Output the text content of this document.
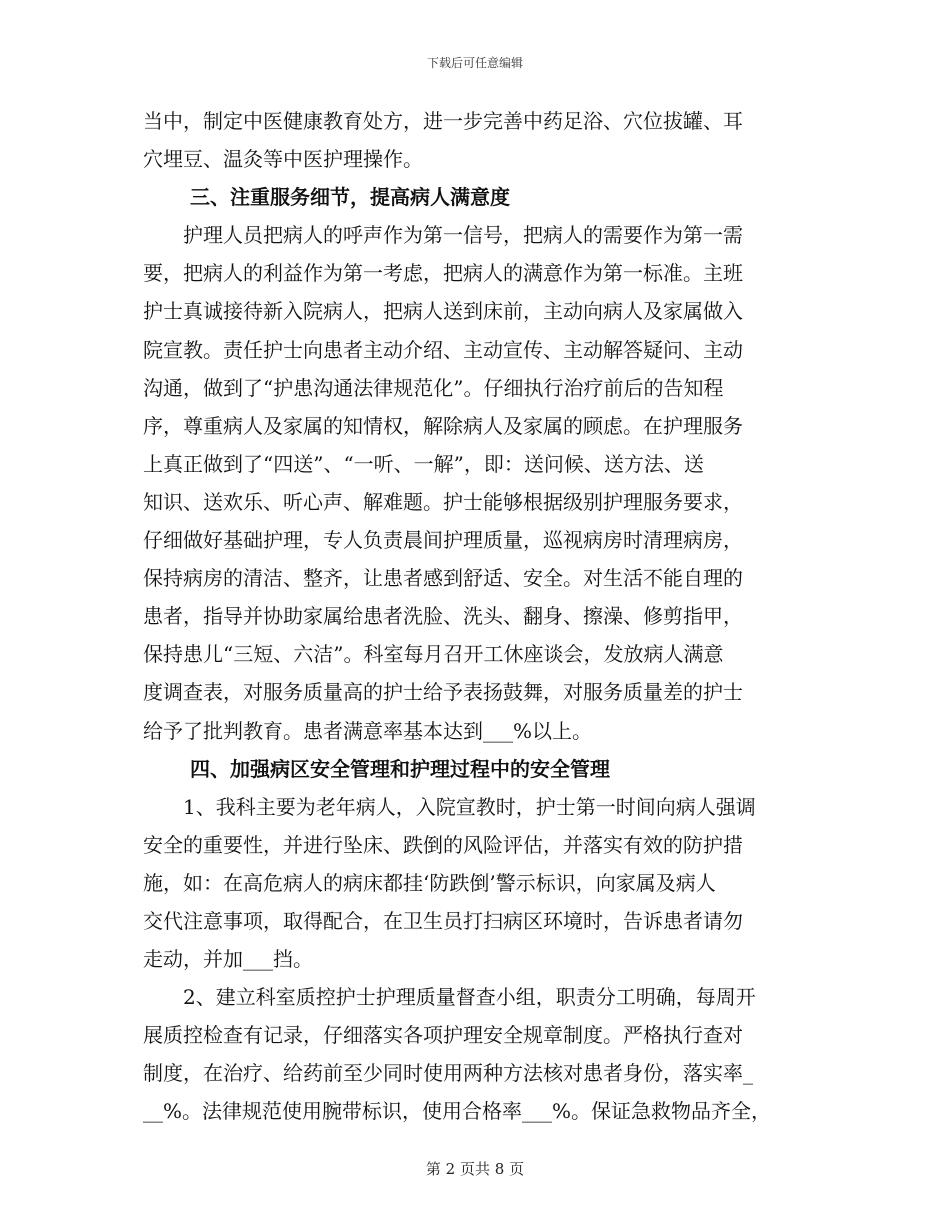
下载后可任意编辑
当中，制定中医健康教育处方，进一步完善中药足浴、穴位拔罐、耳
穴埋豆、温灸等中医护理操作。
三、注重服务细节，提高病人满意度
　　护理人员把病人的呼声作为第一信号，把病人的需要作为第一需
要，把病人的利益作为第一考虑，把病人的满意作为第一标准。主班
护士真诚接待新入院病人，把病人送到床前，主动向病人及家属做入
院宣教。责任护士向患者主动介绍、主动宣传、主动解答疑问、主动
沟通，做到了“护患沟通法律规范化”。仔细执行治疗前后的告知程
序，尊重病人及家属的知情权，解除病人及家属的顾虑。在护理服务
上真正做到了“四送”、“一听、一解”，即：送问候、送方法、送
知识、送欢乐、听心声、解难题。护士能够根据级别护理服务要求，
仔细做好基础护理，专人负责晨间护理质量，巡视病房时清理病房，
保持病房的清洁、整齐，让患者感到舒适、安全。对生活不能自理的
患者，指导并协助家属给患者洗脸、洗头、翻身、擦澡、修剪指甲，
保持患儿“三短、六洁”。科室每月召开工休座谈会，发放病人满意
度调查表，对服务质量高的护士给予表扬鼓舞，对服务质量差的护士
给予了批判教育。患者满意率基本达到___%以上。
四、加强病区安全管理和护理过程中的安全管理
　　1、我科主要为老年病人，入院宣教时，护士第一时间向病人强调
安全的重要性，并进行坠床、跌倒的风险评估，并落实有效的防护措
施，如：在高危病人的病床都挂‘防跌倒’警示标识，向家属及病人
交代注意事项，取得配合，在卫生员打扫病区环境时，告诉患者请勿
走动，并加___挡。
　　2、建立科室质控护士护理质量督查小组，职责分工明确，每周开
展质控检查有记录，仔细落实各项护理安全规章制度。严格执行查对
制度，在治疗、给药前至少同时使用两种方法核对患者身份，落实率_
__%。法律规范使用腕带标识，使用合格率___%。保证急救物品齐全，
第 2 页共 8 页
